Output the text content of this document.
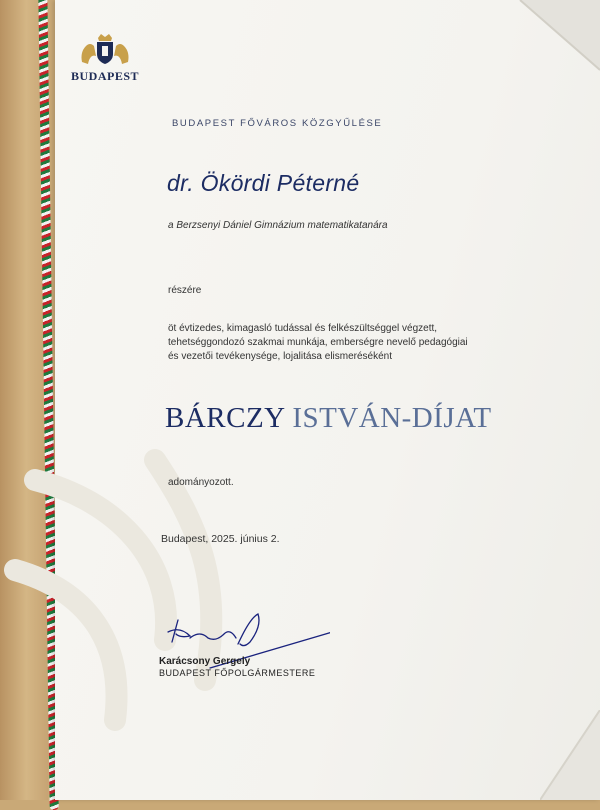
BUDAPEST
BUDAPEST FŐVÁROS KÖZGYŰLÉSE
dr. Ökördi Péterné
a Berzsenyi Dániel Gimnázium matematikatanára
részére
öt évtizedes, kimagasló tudással és felkészültséggel végzett,
tehetséggondozó szakmai munkája, emberségre nevelő pedagógiai
és vezetői tevékenysége, lojalitása elismeréséként
BÁRCZY ISTVÁN-DÍJAT
adományozott.
Budapest, 2025. június 2.
Karácsony Gergely
BUDAPEST FŐPOLGÁRMESTERE
